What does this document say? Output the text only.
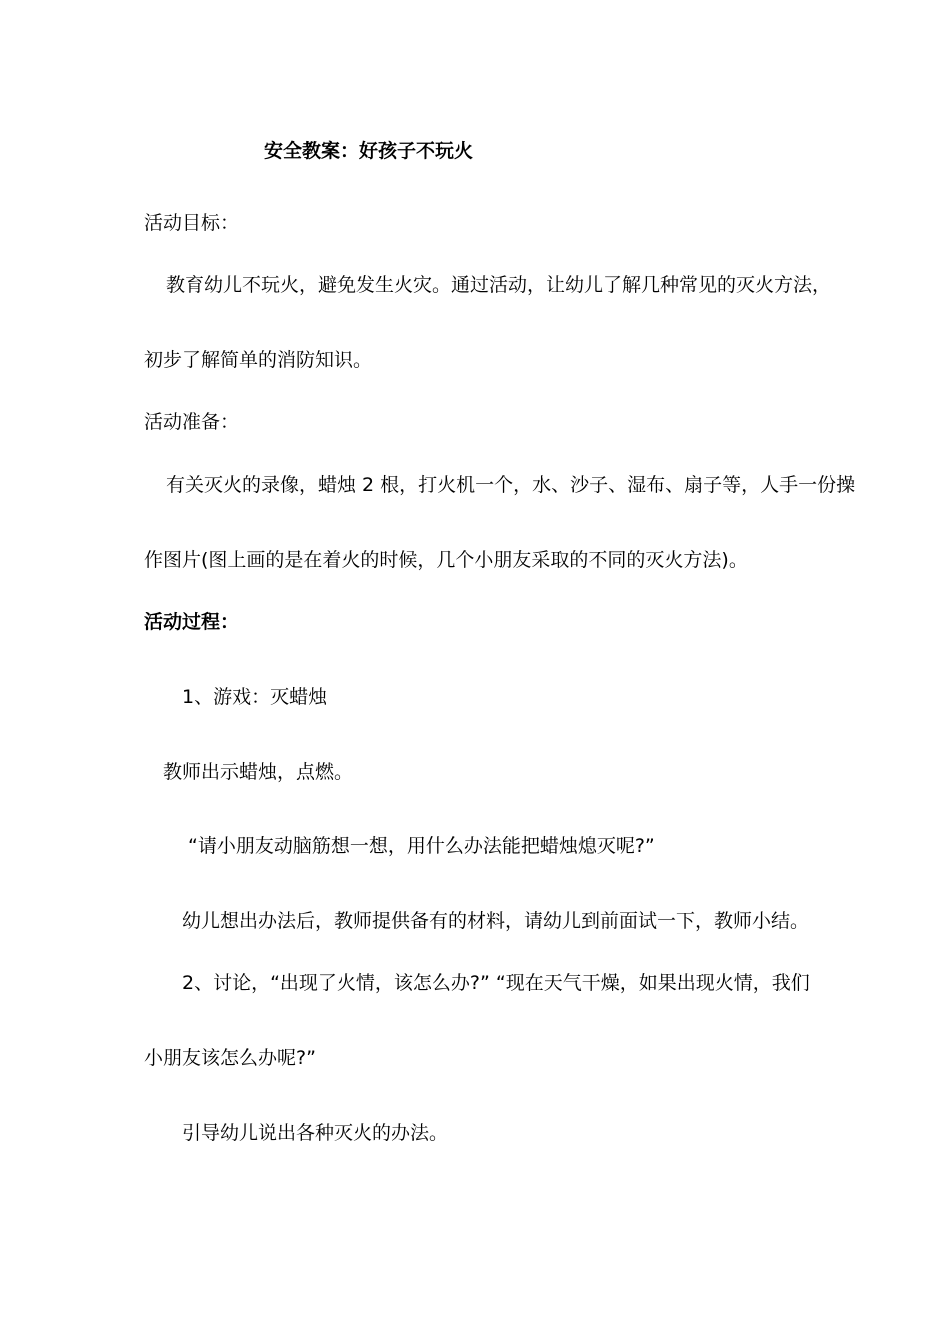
安全教案：好孩子不玩火
活动目标：
教育幼儿不玩火，避免发生火灾。通过活动，让幼儿了解几种常见的灭火方法，
初步了解简单的消防知识。
活动准备：
有关灭火的录像，蜡烛 2 根，打火机一个，水、沙子、湿布、扇子等，人手一份操
作图片(图上画的是在着火的时候，几个小朋友采取的不同的灭火方法)。
活动过程：
1、游戏：灭蜡烛
教师出示蜡烛，点燃。
“请小朋友动脑筋想一想，用什么办法能把蜡烛熄灭呢?”
幼儿想出办法后，教师提供备有的材料，请幼儿到前面试一下，教师小结。
2、讨论，“出现了火情，该怎么办?” “现在天气干燥，如果出现火情，我们
小朋友该怎么办呢?”
引导幼儿说出各种灭火的办法。
